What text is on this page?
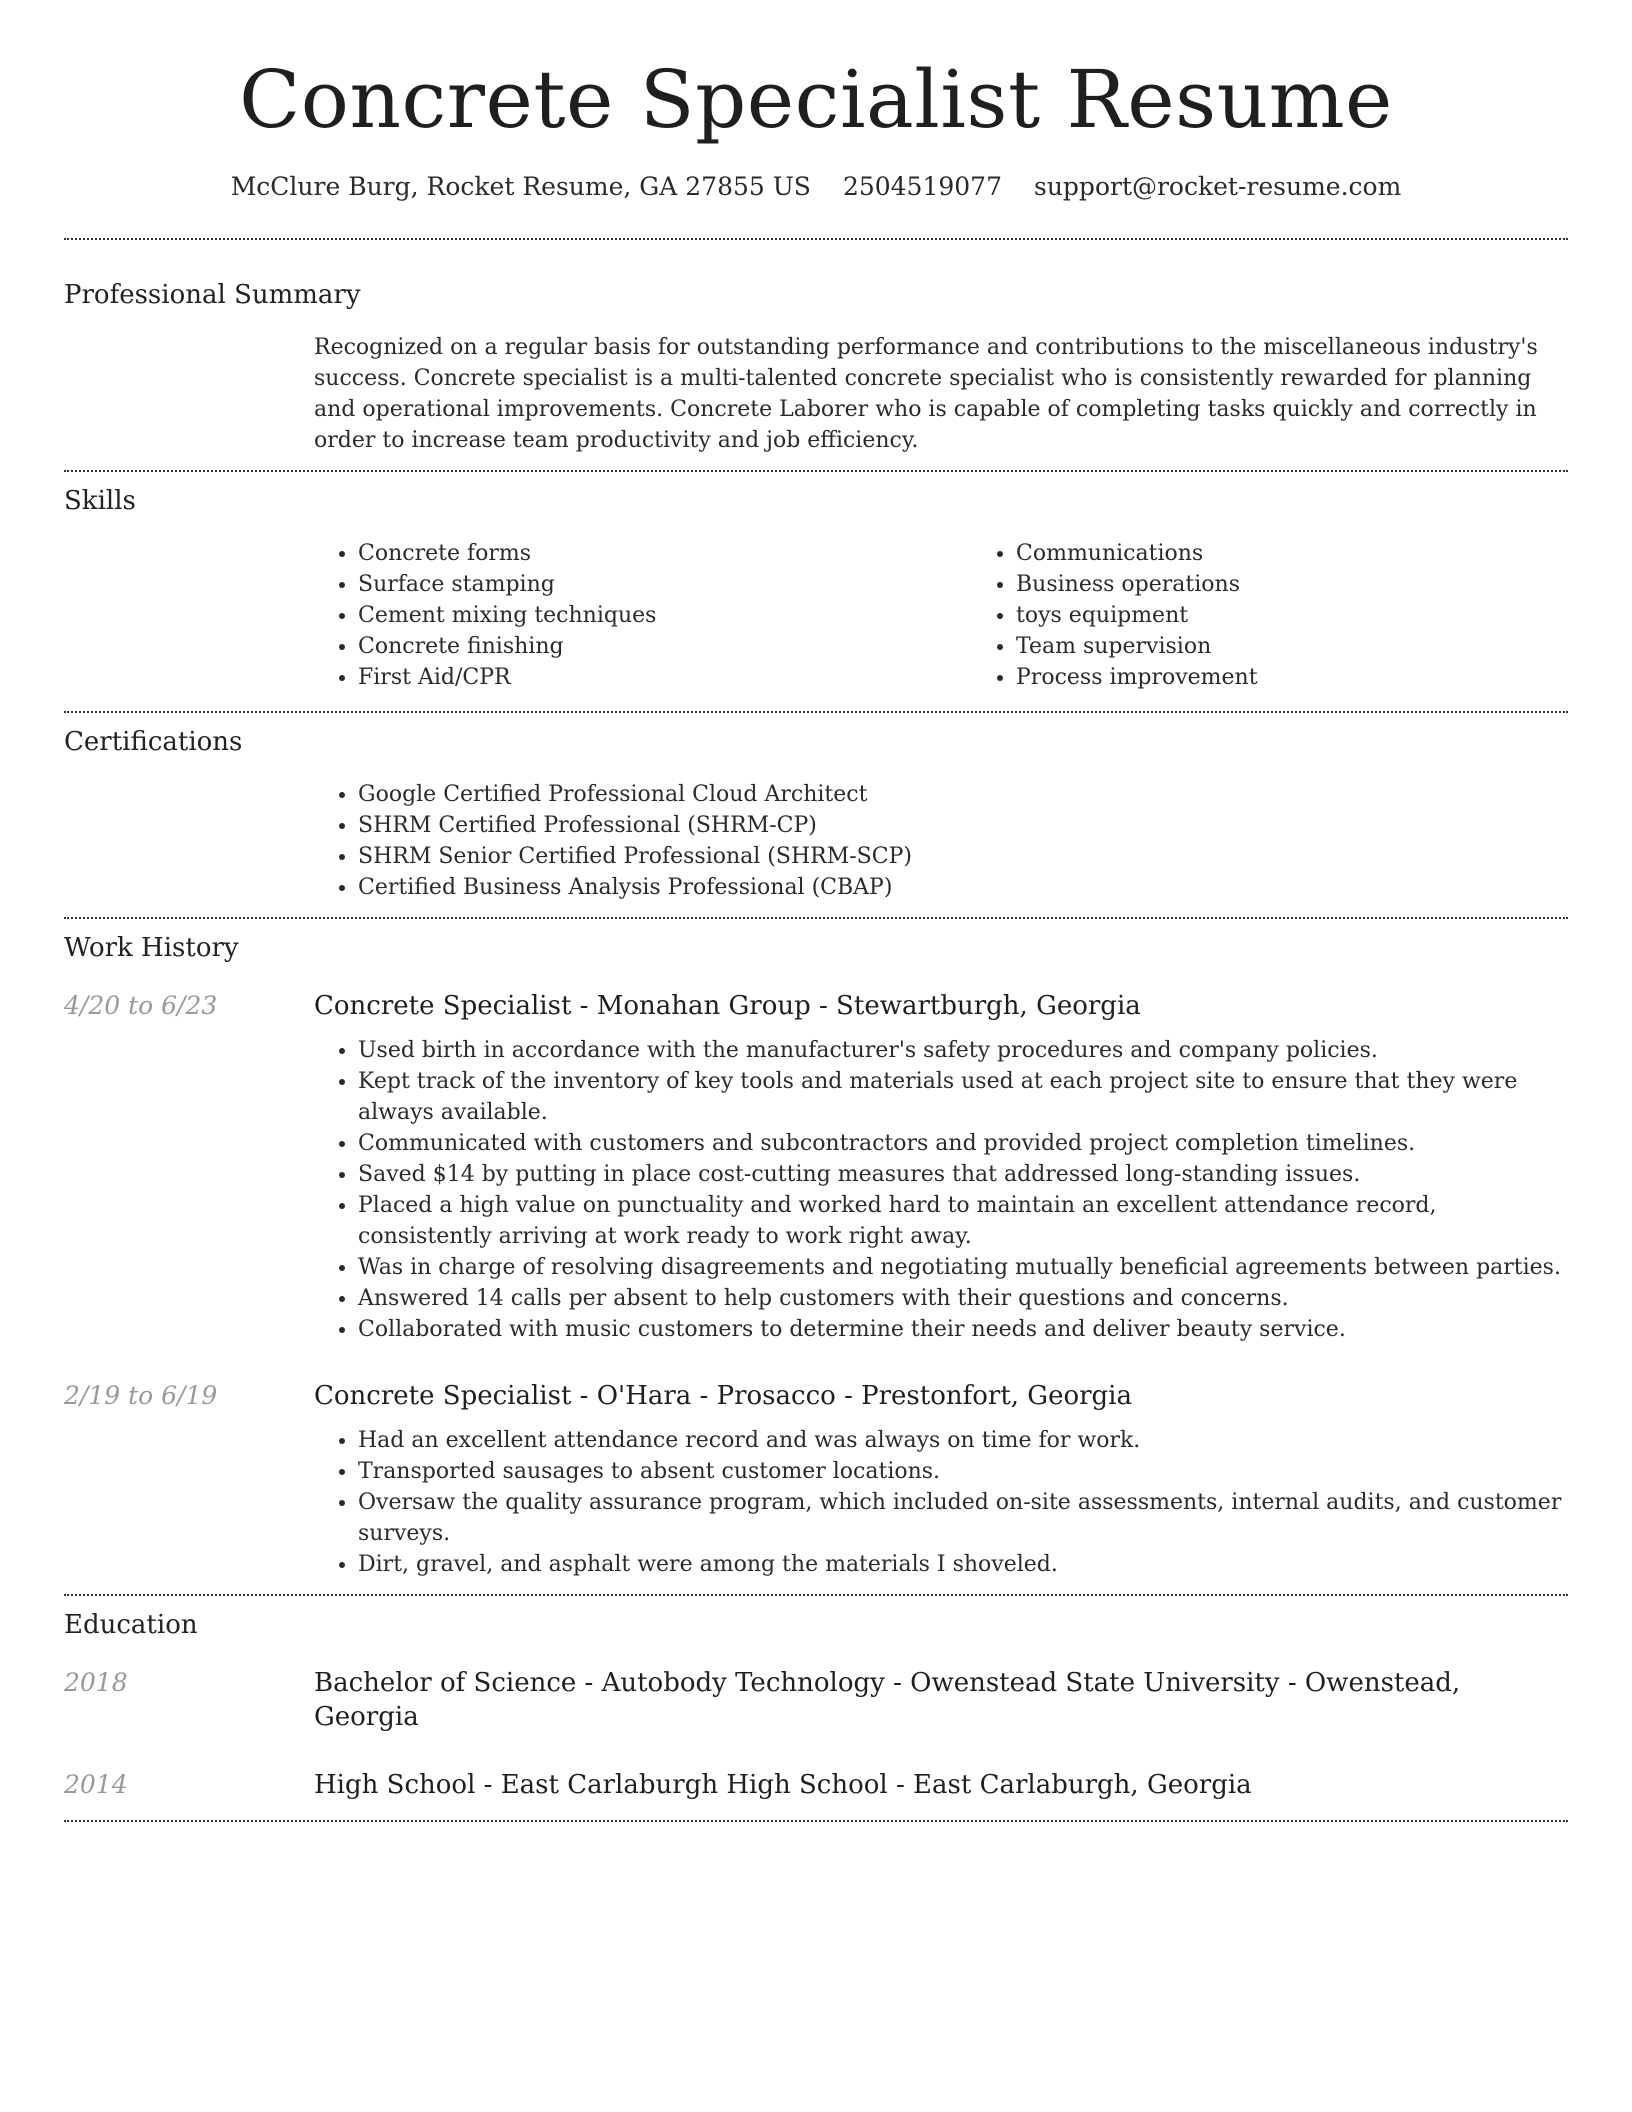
Concrete Specialist Resume
McClure Burg, Rocket Resume, GA 27855 US 2504519077 support@rocket-resume.com
Professional Summary

Recognized on a regular basis for outstanding performance and contributions to the miscellaneous industry's success. Concrete specialist is a multi-talented concrete specialist who is consistently rewarded for planning and operational improvements. Concrete Laborer who is capable of completing tasks quickly and correctly in order to increase team productivity and job efficiency.

Skills
• Concrete forms
• Surface stamping
• Cement mixing techniques
• Concrete finishing
• First Aid/CPR
• Communications
• Business operations
• toys equipment
• Team supervision
• Process improvement
Certifications
• Google Certified Professional Cloud Architect
• SHRM Certified Professional (SHRM-CP)
• SHRM Senior Certified Professional (SHRM-SCP)
• Certified Business Analysis Professional (CBAP)
Work History
4/20 to 6/23	Concrete Specialist - Monahan Group - Stewartburgh, Georgia
• Used birth in accordance with the manufacturer's safety procedures and company policies.
• Kept track of the inventory of key tools and materials used at each project site to ensure that they were always available.
• Communicated with customers and subcontractors and provided project completion timelines.
• Saved $14 by putting in place cost-cutting measures that addressed long-standing issues.
• Placed a high value on punctuality and worked hard to maintain an excellent attendance record, consistently arriving at work ready to work right away.
• Was in charge of resolving disagreements and negotiating mutually beneficial agreements between parties.
• Answered 14 calls per absent to help customers with their questions and concerns.
• Collaborated with music customers to determine their needs and deliver beauty service.
2/19 to 6/19	Concrete Specialist - O'Hara - Prosacco - Prestonfort, Georgia
• Had an excellent attendance record and was always on time for work.
• Transported sausages to absent customer locations.
• Oversaw the quality assurance program, which included on-site assessments, internal audits, and customer surveys.
• Dirt, gravel, and asphalt were among the materials I shoveled.
Education
2018	Bachelor of Science - Autobody Technology - Owenstead State University - Owenstead, Georgia
2014	High School - East Carlaburgh High School - East Carlaburgh, Georgia
